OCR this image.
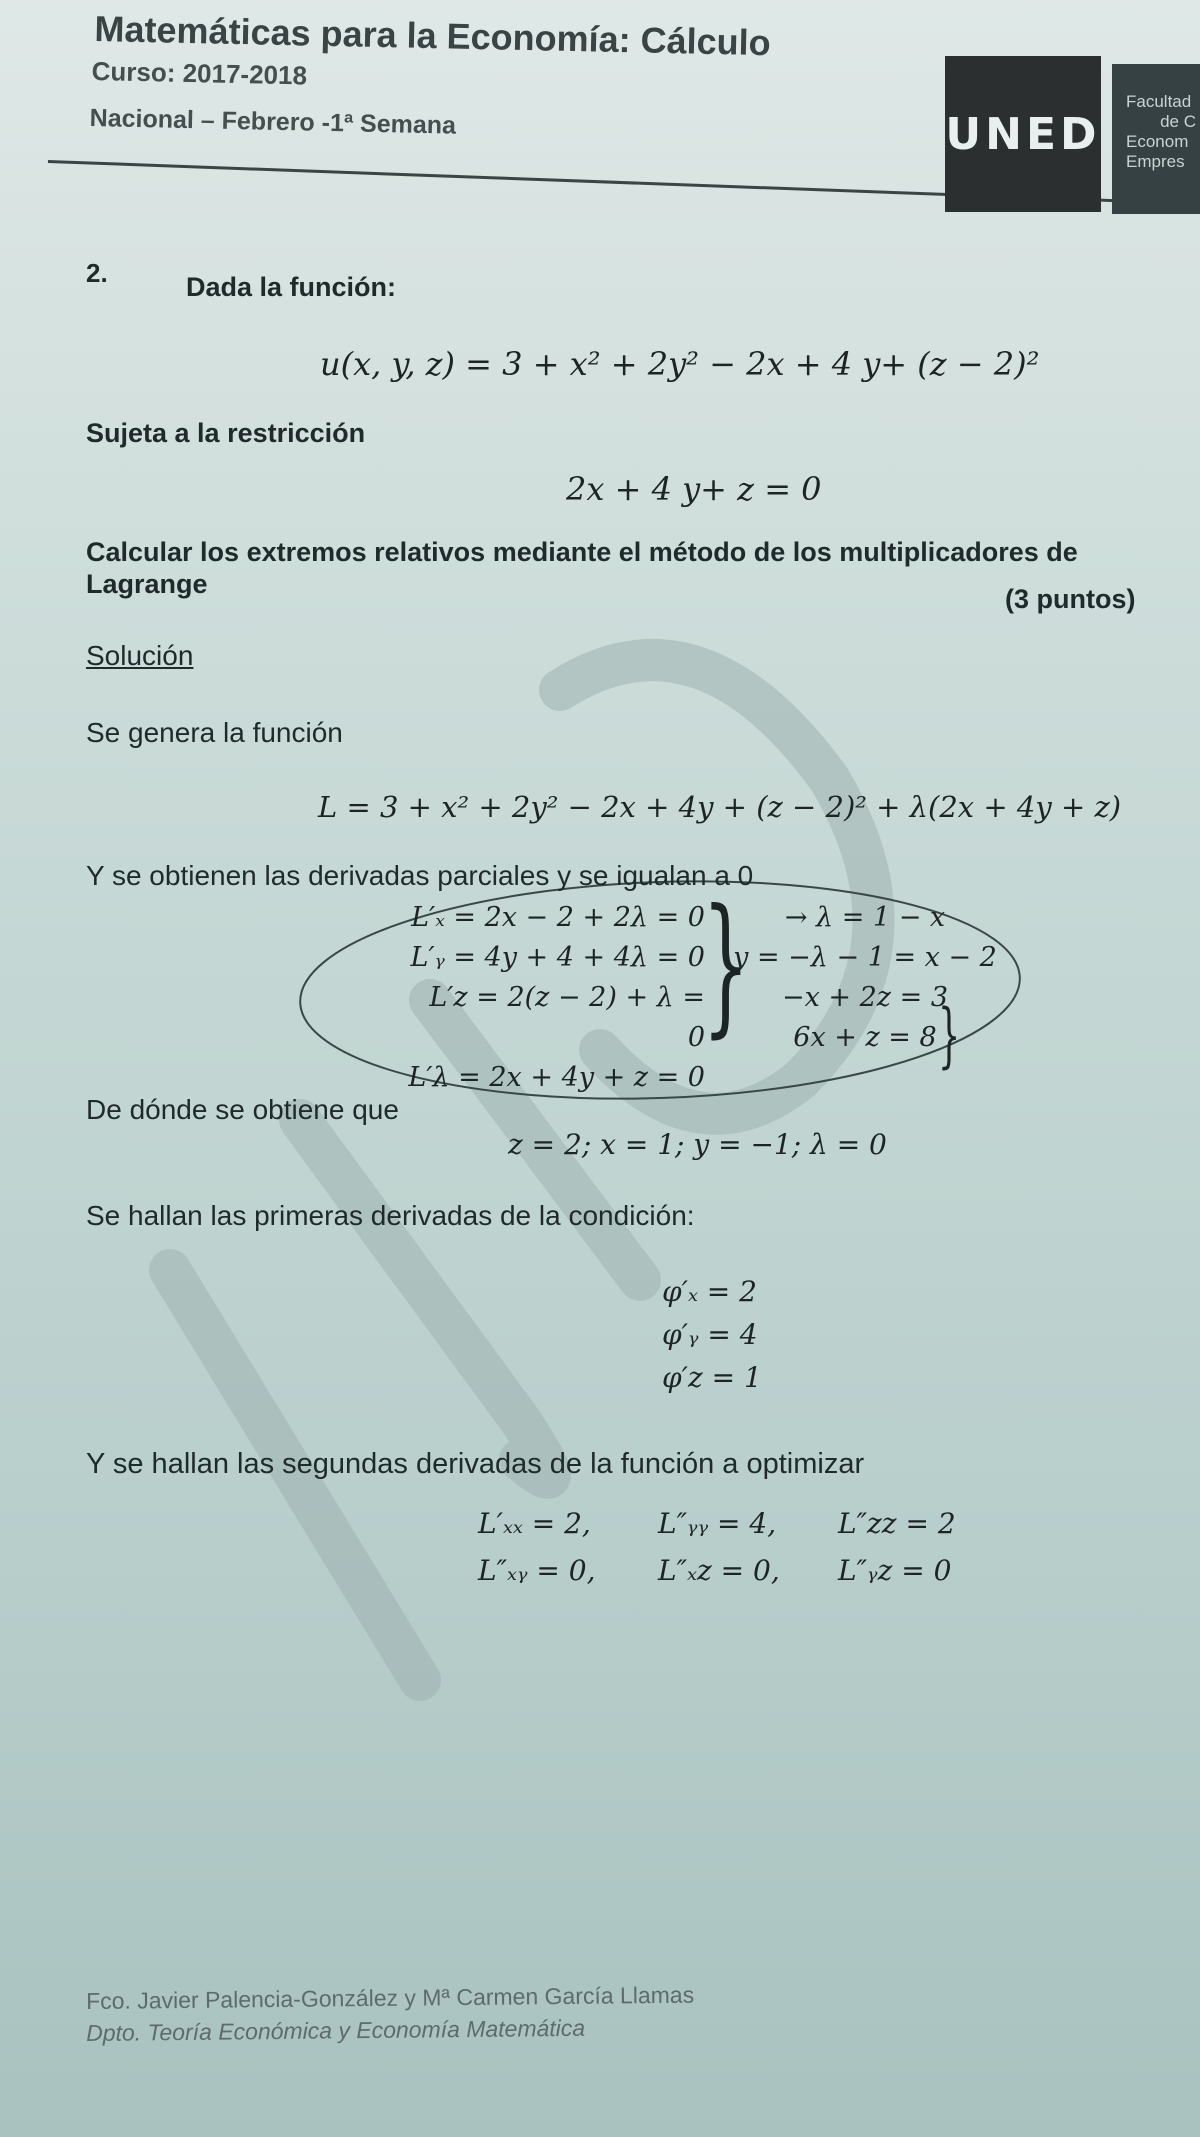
Matemáticas para la Economía: Cálculo
Curso: 2017-2018
Nacional – Febrero -1ª Semana	UNED
Facultad
de C
Econom
Empres
2.	Dada la función:
u(x, y, z) = 3 + x² + 2y² − 2x + 4 y+ (z − 2)²
Sujeta a la restricción
2x + 4 y+ z = 0
Calcular los extremos relativos mediante el método de los multiplicadores de Lagrange	(3 puntos)
Solución
Se genera la función
L = 3 + x² + 2y² − 2x + 4y + (z − 2)² + λ(2x + 4y + z)
Y se obtienen las derivadas parciales y se igualan a 0
L′ₓ = 2x − 2 + 2λ = 0
L′ᵧ = 4y + 4 + 4λ = 0
L′𝑧 = 2(z − 2) + λ = 0
L′λ = 2x + 4y + z = 0
}	→ λ = 1 − x
y = −λ − 1 = x − 2
−x + 2z = 3
6x + z = 8 }
De dónde se obtiene que
z = 2; x = 1; y = −1; λ = 0
Se hallan las primeras derivadas de la condición:
φ′ₓ = 2
φ′ᵧ = 4
φ′𝑧 = 1
Y se hallan las segundas derivadas de la función a optimizar
L′ₓₓ = 2,	L″ᵧᵧ = 4,	L″𝑧𝑧 = 2
L″ₓᵧ = 0,	L″ₓ𝑧 = 0,	L″ᵧ𝑧 = 0
Fco. Javier Palencia-González y Mª Carmen García Llamas
Dpto. Teoría Económica y Economía Matemática
